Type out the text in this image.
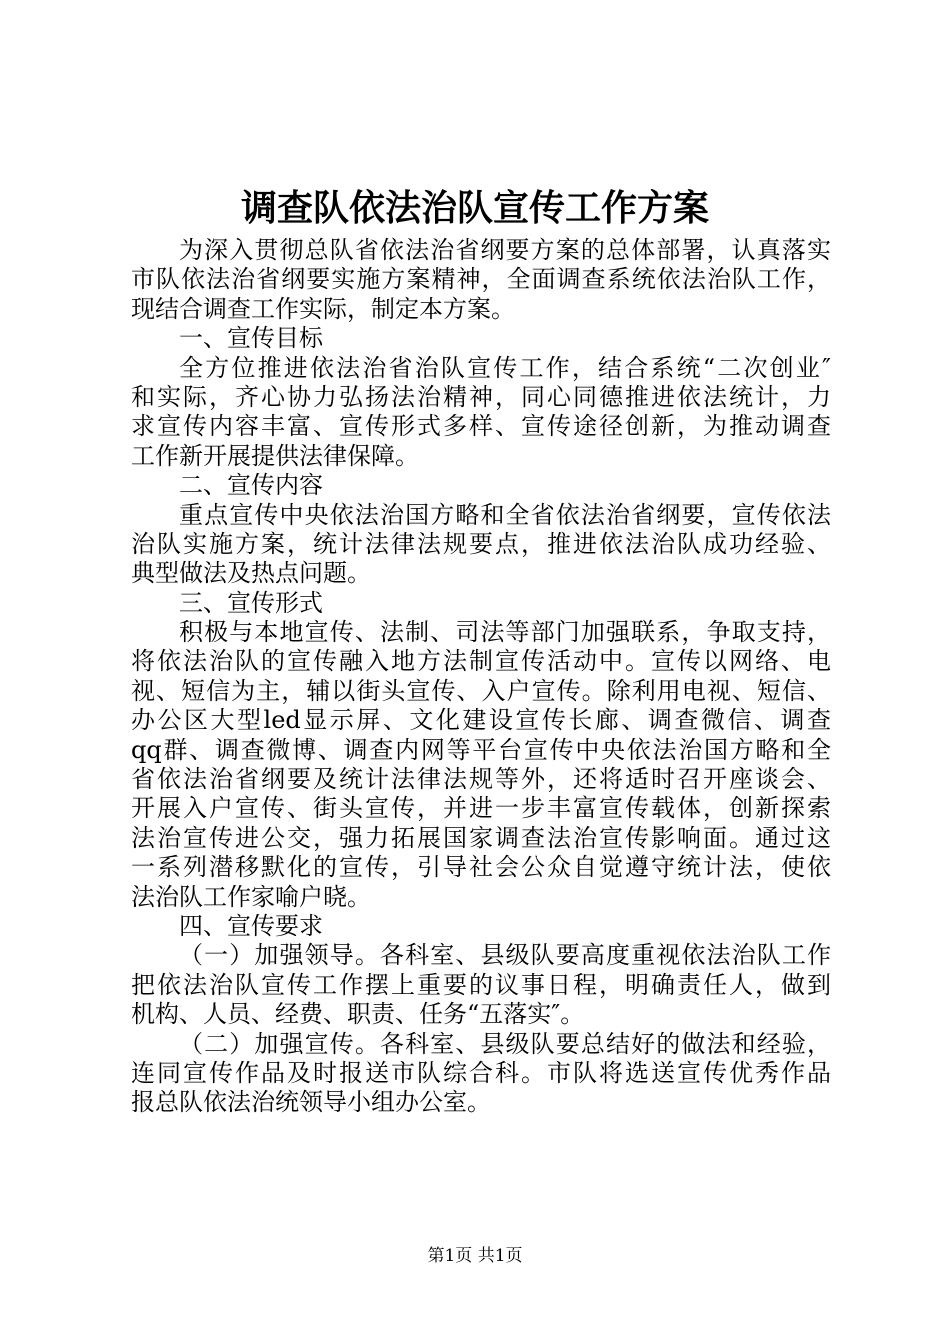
调查队依法治队宣传工作方案
为深入贯彻总队省依法治省纲要方案的总体部署，认真落实
市队依法治省纲要实施方案精神，全面调查系统依法治队工作，
现结合调查工作实际，制定本方案。
一、宣传目标
全方位推进依法治省治队宣传工作，结合系统“二次创业″
和实际，齐心协力弘扬法治精神，同心同德推进依法统计，力
求宣传内容丰富、宣传形式多样、宣传途径创新，为推动调查
工作新开展提供法律保障。
二、宣传内容
重点宣传中央依法治国方略和全省依法治省纲要，宣传依法
治队实施方案，统计法律法规要点，推进依法治队成功经验、
典型做法及热点问题。
三、宣传形式
积极与本地宣传、法制、司法等部门加强联系，争取支持，
将依法治队的宣传融入地方法制宣传活动中。宣传以网络、电
视、短信为主，辅以街头宣传、入户宣传。除利用电视、短信、
办公区大型led显示屏、文化建设宣传长廊、调查微信、调查
qq群、调查微博、调查内网等平台宣传中央依法治国方略和全
省依法治省纲要及统计法律法规等外，还将适时召开座谈会、
开展入户宣传、街头宣传，并进一步丰富宣传载体，创新探索
法治宣传进公交，强力拓展国家调查法治宣传影响面。通过这
一系列潜移默化的宣传，引导社会公众自觉遵守统计法，使依
法治队工作家喻户晓。
四、宣传要求
（一）加强领导。各科室、县级队要高度重视依法治队工作
把依法治队宣传工作摆上重要的议事日程，明确责任人，做到
机构、人员、经费、职责、任务“五落实″。
（二）加强宣传。各科室、县级队要总结好的做法和经验，
连同宣传作品及时报送市队综合科。市队将选送宣传优秀作品
报总队依法治统领导小组办公室。
第1页 共1页
